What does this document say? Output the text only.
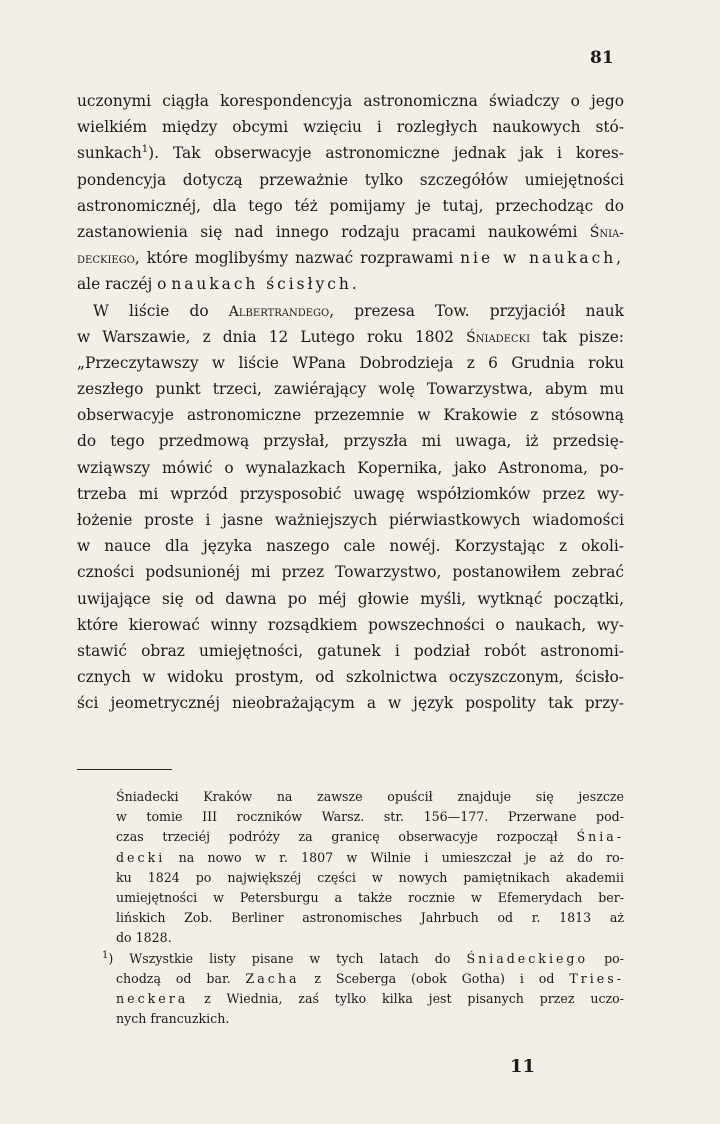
81
uczonymi ciągła korespondencyja astronomiczna świadczy o jego
wielkiém między obcymi wzięciu i rozległych naukowych stó-
sunkach$^1$). Tak obserwacyje astronomiczne jednak jak i kores-
pondencyja dotyczą przeważnie tylko szczegółów umiejętności
astronomicznéj, dla tego téż pomijamy je tutaj, przechodząc do
zastanowienia się nad innego rodzaju pracami naukowémi Śnia-
deckiego, które moglibyśmy nazwać rozprawami nie w naukach,
ale raczéj o naukach ścisłych.
W liście do Albertrandego, prezesa Tow. przyjaciół nauk
w Warszawie, z dnia 12 Lutego roku 1802 Śniadecki tak pisze:
„Przeczytawszy w liście WPana Dobrodzieja z 6 Grudnia roku
zeszłego punkt trzeci, zawiérający wolę Towarzystwa, abym mu
obserwacyje astronomiczne przezemnie w Krakowie z stósowną
do tego przedmową przysłał, przyszła mi uwaga, iż przedsię-
wziąwszy mówić o wynalazkach Kopernika, jako Astronoma, po-
trzeba mi wprzód przysposobić uwagę współziomków przez wy-
łożenie proste i jasne ważniejszych piérwiastkowych wiadomości
w nauce dla języka naszego cale nowéj. Korzystając z okoli-
czności podsunionéj mi przez Towarzystwo, postanowiłem zebrać
uwijające się od dawna po méj głowie myśli, wytknąć początki,
które kierować winny rozsądkiem powszechności o naukach, wy-
stawić obraz umiejętności, gatunek i podział robót astronomi-
cznych w widoku prostym, od szkolnictwa oczyszczonym, ścisło-
ści jeometrycznéj nieobrażającym a w język pospolity tak przy-
Śniadecki Kraków na zawsze opuścił znajduje się jeszcze
w tomie III roczników Warsz. str. 156—177. Przerwane pod-
czas trzeciéj podróży za granicę obserwacyje rozpoczął Śnia-
decki na nowo w r. 1807 w Wilnie i umieszczał je aż do ro-
ku 1824 po największéj części w nowych pamiętnikach akademii
umiejętności w Petersburgu a także rocznie w Efemerydach ber-
lińskich Zob. Berliner astronomisches Jahrbuch od r. 1813 aż
do 1828.
$^1$) Wszystkie listy pisane w tych latach do Śniadeckiego po-
chodzą od bar. Zacha z Sceberga (obok Gotha) i od Tries-
neckera z Wiednia, zaś tylko kilka jest pisanych przez uczo-
nych francuzkich.
11
